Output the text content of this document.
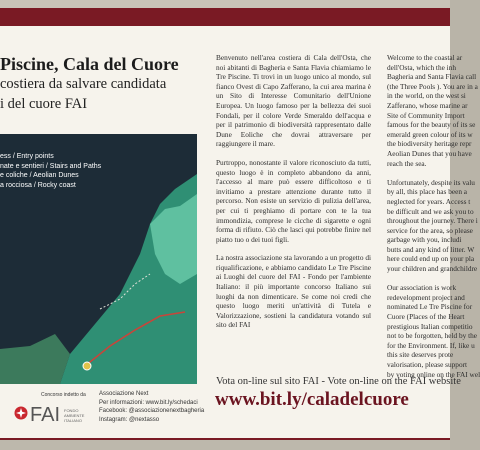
Piscine, Cala del Cuore
costiera da salvare candidata
i del cuore FAI
ess / Entry points
nate e sentieri / Stairs and Paths
e coliche / Aeolian Dunes
a rocciosa / Rocky coast
Concorso indetto da
FAI FONDO AMBIENTE ITALIANO
Associazione Next
Per informazioni: www.bit.ly/schedaci
Facebook: @associazionenextbagheria
Instagram: @nextasso

Benvenuto nell'area costiera di Cala dell'Osta, che noi abitanti di Bagheria e Santa Flavia chiamiamo le Tre Piscine. Ti trovi in un luogo unico al mondo, sul fianco Ovest di Capo Zafferano, la cui area marina è un Sito di Interesse Comunitario dell'Unione Europea. Un luogo famoso per la bellezza dei suoi Fondali, per il colore Verde Smeraldo dell'acqua e per il patrimonio di biodiversità rappresentato dalle Dune Eoliche che dovrai attraversare per raggiungere il mare.

Purtroppo, nonostante il valore riconosciuto da tutti, questo luogo è in completo abbandono da anni, l'accesso al mare può essere difficoltoso e ti invitiamo a prestare attenzione durante tutto il percorso. Non esiste un servizio di pulizia dell'area, per cui ti preghiamo di portare con te la tua immondizia, comprese le cicche di sigarette e ogni forma di rifiuto. Ciò che lasci qui potrebbe finire nel piatto tuo o dei tuoi figli.

La nostra associazione sta lavorando a un progetto di riqualificazione, e abbiamo candidato Le Tre Piscine ai Luoghi del cuore del FAI - Fondo per l'ambiente Italiano: il più importante concorso Italiano sui luoghi da non dimenticare. Se come noi credi che questo luogo meriti un'attività di Tutela e Valorizzazione, sostieni la candidatura votando sul sito del FAI

Welcome to the coastal ar
dell'Osta, which the inh
Bagheria and Santa Flavia call
(the Three Pools ). You are in a
in the world, on the west si
Zafferano, whose marine ar
Site of Community Import
famous for the beauty of its se
emerald green colour of its w
the biodiversity heritage repr
Aeolian Dunes that you have
reach the sea.
Unfortunately, despite its valu
by all, this place has been a
neglected for years. Access t
be difficult and we ask you to
throughout the journey. There i
service for the area, so please
garbage with you, includi
butts and any kind of litter. W
here could end up on your pla
your children and grandchildre
Our association is work
redevelopment project and
nominated Le Tre Piscine for
Cuore (Places of the Heart
prestigious Italian competitio
not to be forgotten, held by the
for the Environment. If, like u
this site deserves prote
valorisation, please support
by voting online on the FAI wel
Vota on-line sul sito FAI - Vote on-line on the FAI website
www.bit.ly/caladelcuore
